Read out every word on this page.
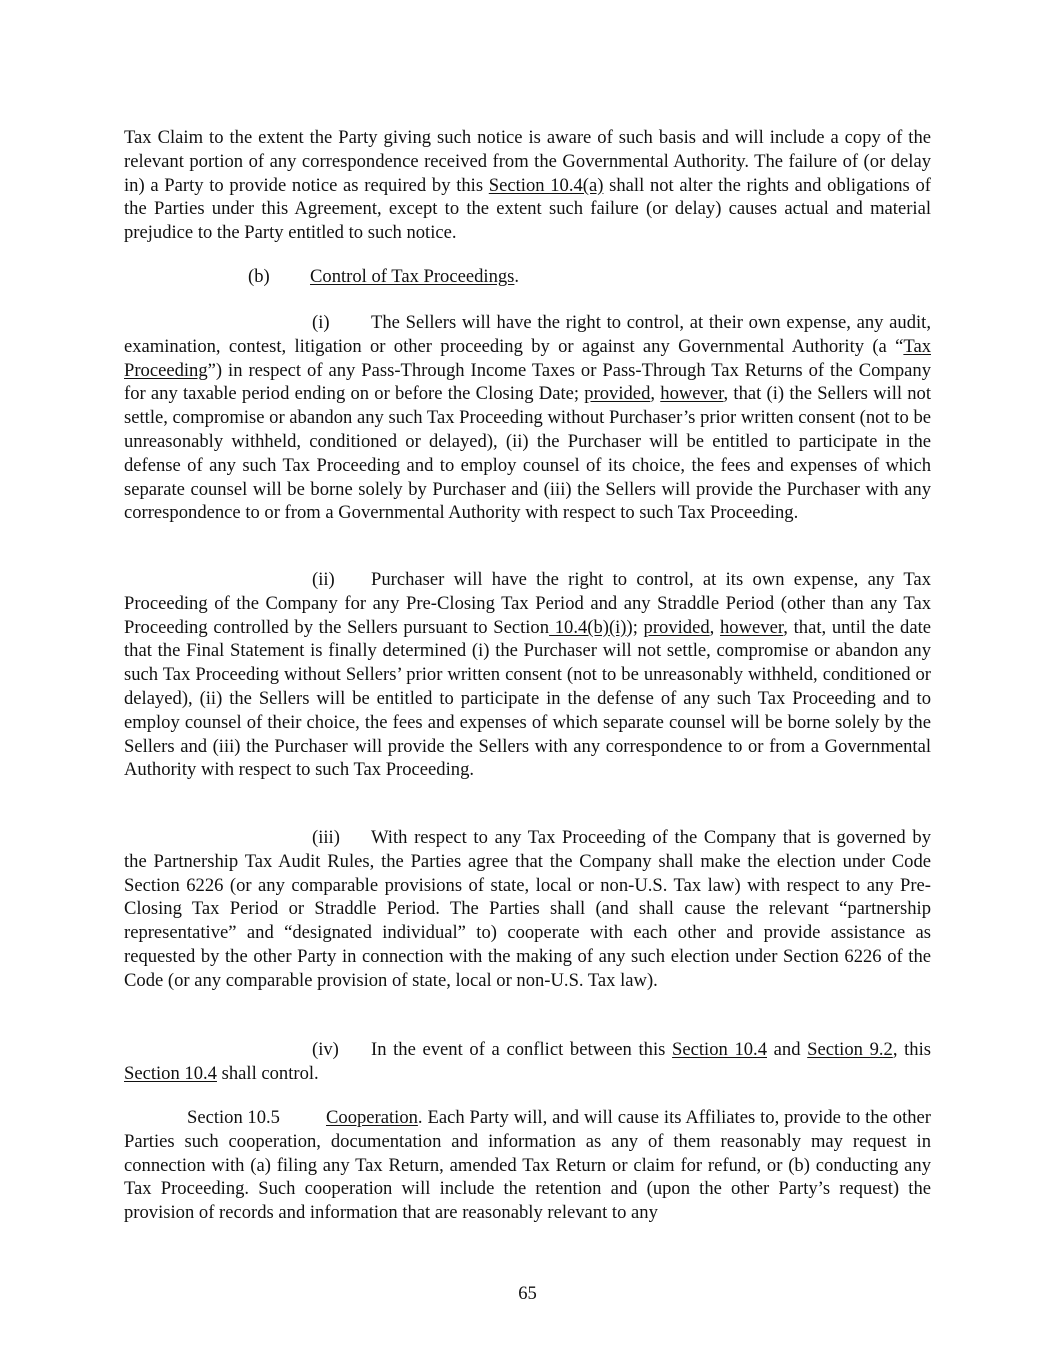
Tax Claim to the extent the Party giving such notice is aware of such basis and will include a copy of the relevant portion of any correspondence received from the Governmental Authority. The failure of (or delay in) a Party to provide notice as required by this Section 10.4(a) shall not alter the rights and obligations of the Parties under this Agreement, except to the extent such failure (or delay) causes actual and material prejudice to the Party entitled to such notice.

(b) Control of Tax Proceedings.

(i) The Sellers will have the right to control, at their own expense, any audit, examination, contest, litigation or other proceeding by or against any Governmental Authority (a “Tax Proceeding”) in respect of any Pass-Through Income Taxes or Pass-Through Tax Returns of the Company for any taxable period ending on or before the Closing Date; provided, however, that (i) the Sellers will not settle, compromise or abandon any such Tax Proceeding without Purchaser’s prior written consent (not to be unreasonably withheld, conditioned or delayed), (ii) the Purchaser will be entitled to participate in the defense of any such Tax Proceeding and to employ counsel of its choice, the fees and expenses of which separate counsel will be borne solely by Purchaser and (iii) the Sellers will provide the Purchaser with any correspondence to or from a Governmental Authority with respect to such Tax Proceeding.

(ii) Purchaser will have the right to control, at its own expense, any Tax Proceeding of the Company for any Pre-Closing Tax Period and any Straddle Period (other than any Tax Proceeding controlled by the Sellers pursuant to Section 10.4(b)(i)); provided, however, that, until the date that the Final Statement is finally determined (i) the Purchaser will not settle, compromise or abandon any such Tax Proceeding without Sellers’ prior written consent (not to be unreasonably withheld, conditioned or delayed), (ii) the Sellers will be entitled to participate in the defense of any such Tax Proceeding and to employ counsel of their choice, the fees and expenses of which separate counsel will be borne solely by the Sellers and (iii) the Purchaser will provide the Sellers with any correspondence to or from a Governmental Authority with respect to such Tax Proceeding.

(iii) With respect to any Tax Proceeding of the Company that is governed by the Partnership Tax Audit Rules, the Parties agree that the Company shall make the election under Code Section 6226 (or any comparable provisions of state, local or non-U.S. Tax law) with respect to any Pre-Closing Tax Period or Straddle Period. The Parties shall (and shall cause the relevant “partnership representative” and “designated individual” to) cooperate with each other and provide assistance as requested by the other Party in connection with the making of any such election under Section 6226 of the Code (or any comparable provision of state, local or non-U.S. Tax law).

(iv) In the event of a conflict between this Section 10.4 and Section 9.2, this Section 10.4 shall control.

Section 10.5 Cooperation. Each Party will, and will cause its Affiliates to, provide to the other Parties such cooperation, documentation and information as any of them reasonably may request in connection with (a) filing any Tax Return, amended Tax Return or claim for refund, or (b) conducting any Tax Proceeding. Such cooperation will include the retention and (upon the other Party’s request) the provision of records and information that are reasonably relevant to any

65
